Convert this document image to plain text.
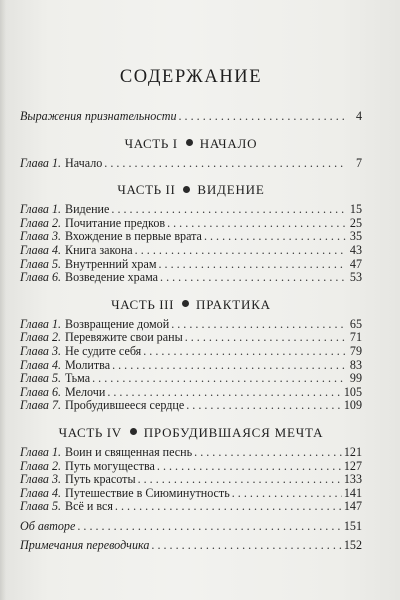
СОДЕРЖАНИЕ
Выражения признательности . . .	4
ЧАСТЬ I НАЧАЛО
Глава 1. Начало . . .	7
ЧАСТЬ II ВИДЕНИЕ
Глава 1. Видение . . .	15
Глава 2. Почитание предков . . .	25
Глава 3. Вхождение в первые врата . . .	35
Глава 4. Книга закона . . .	43
Глава 5. Внутренний храм . . .	47
Глава 6. Возведение храма . . .	53
ЧАСТЬ III ПРАКТИКА
Глава 1. Возвращение домой . . .	65
Глава 2. Перевяжите свои раны . . .	71
Глава 3. Не судите себя . . .	79
Глава 4. Молитва . . .	83
Глава 5. Тьма . . .	99
Глава 6. Мелочи . . .	105
Глава 7. Пробудившееся сердце . . .	109
ЧАСТЬ IV ПРОБУДИВШАЯСЯ МЕЧТА
Глава 1. Воин и священная песнь . . .	121
Глава 2. Путь могущества . . .	127
Глава 3. Путь красоты . . .	133
Глава 4. Путешествие в Сиюминутность . . .	141
Глава 5. Всё и вся . . .	147
Об авторе . . .	151
Примечания переводчика . . .	152
